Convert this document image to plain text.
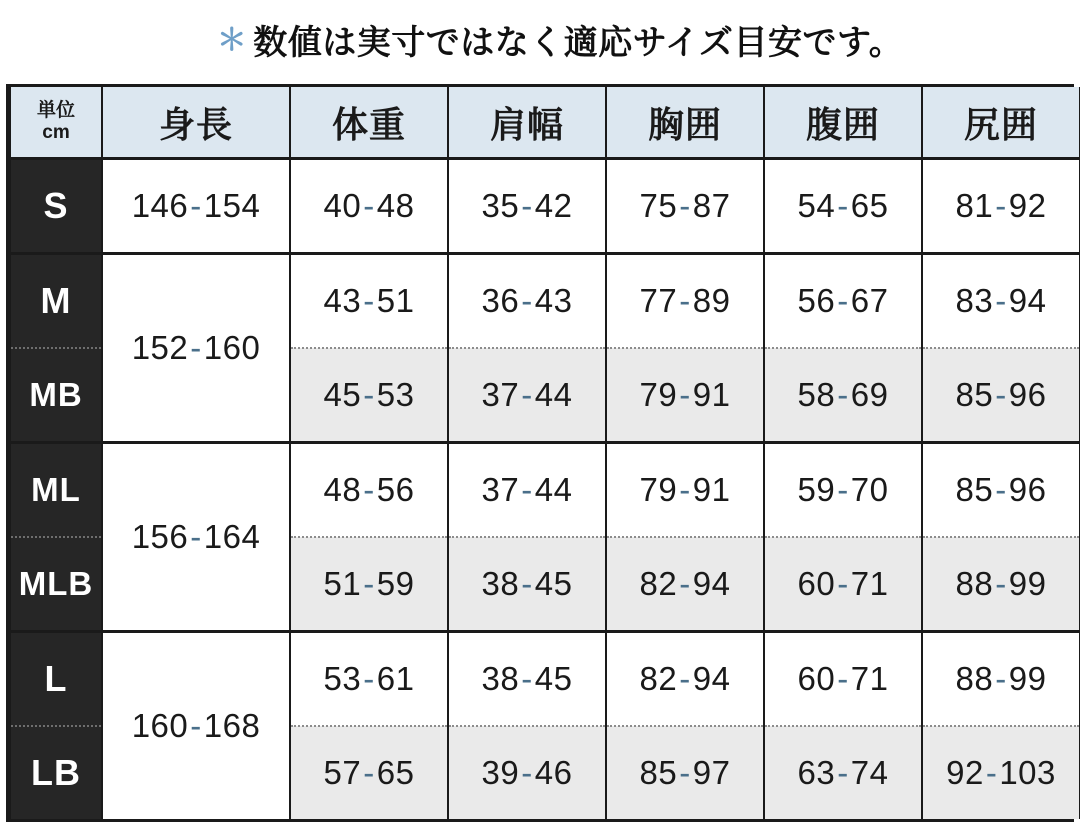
＊ 数値は実寸ではなく適応サイズ目安です。
単位
cm	身長	体重	肩幅	胸囲	腹囲	尻囲
S	146-154	40-48	35-42	75-87	54-65	81-92
M	152-160	43-51	36-43	77-89	56-67	83-94
MB		45-53	37-44	79-91	58-69	85-96
ML	156-164	48-56	37-44	79-91	59-70	85-96
MLB		51-59	38-45	82-94	60-71	88-99
L	160-168	53-61	38-45	82-94	60-71	88-99
LB		57-65	39-46	85-97	63-74	92-103
